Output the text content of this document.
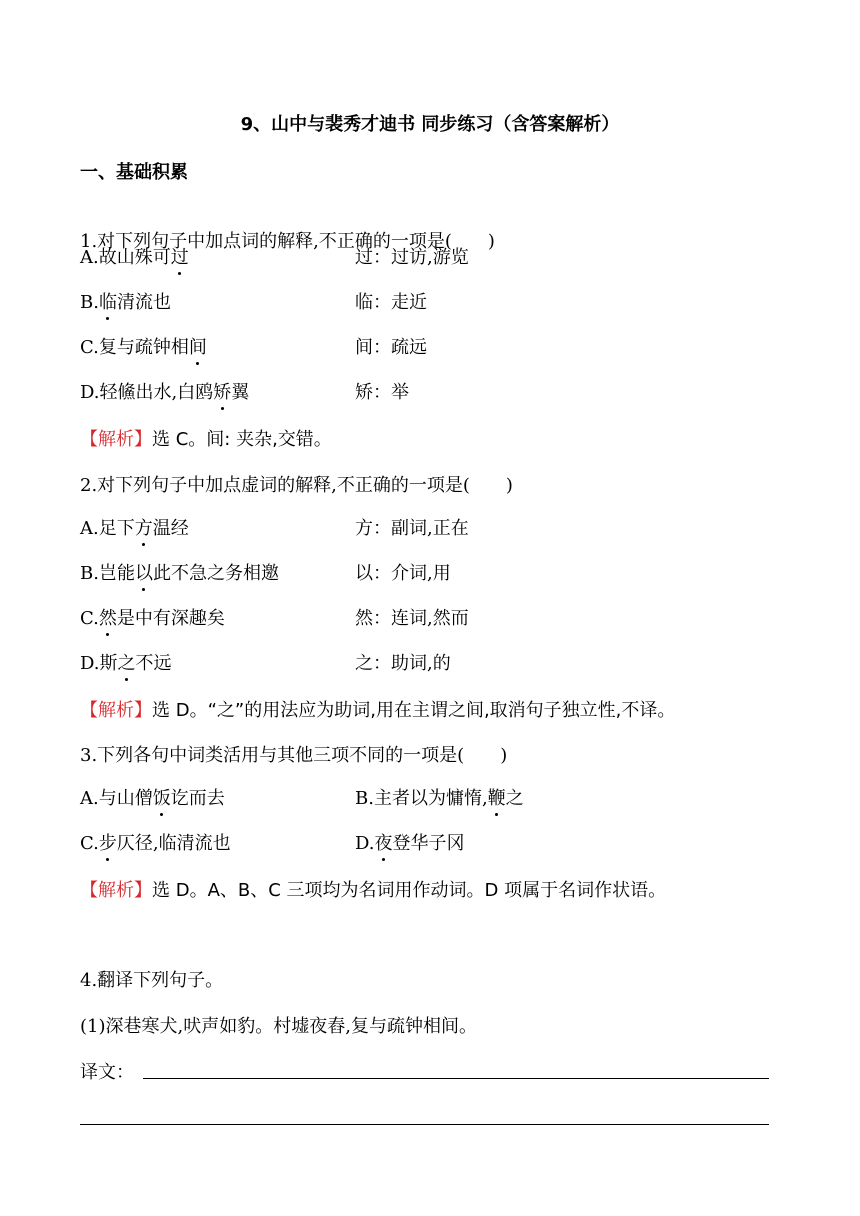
9、山中与裴秀才迪书 同步练习（含答案解析）
一、基础积累
1.对下列句子中加点词的解释,不正确的一项是(　　)
A.故山殊可过	过：过访,游览
B.临清流也	临：走近
C.复与疏钟相间	间：疏远
D.轻鯈出水,白鸥矫翼	矫：举
【解析】选 C。间: 夹杂,交错。
2.对下列句子中加点虚词的解释,不正确的一项是(　　)
A.足下方温经	方：副词,正在
B.岂能以此不急之务相邀	以：介词,用
C.然是中有深趣矣	然：连词,然而
D.斯之不远	之：助词,的
【解析】选 D。“之”的用法应为助词,用在主谓之间,取消句子独立性,不译。
3.下列各句中词类活用与其他三项不同的一项是(　　)
A.与山僧饭讫而去	B.主者以为慵惰,鞭之
C.步仄径,临清流也	D.夜登华子冈
【解析】选 D。A、B、C 三项均为名词用作动词。D 项属于名词作状语。
4.翻译下列句子。
(1)深巷寒犬,吠声如豹。村墟夜舂,复与疏钟相间。
译文：
